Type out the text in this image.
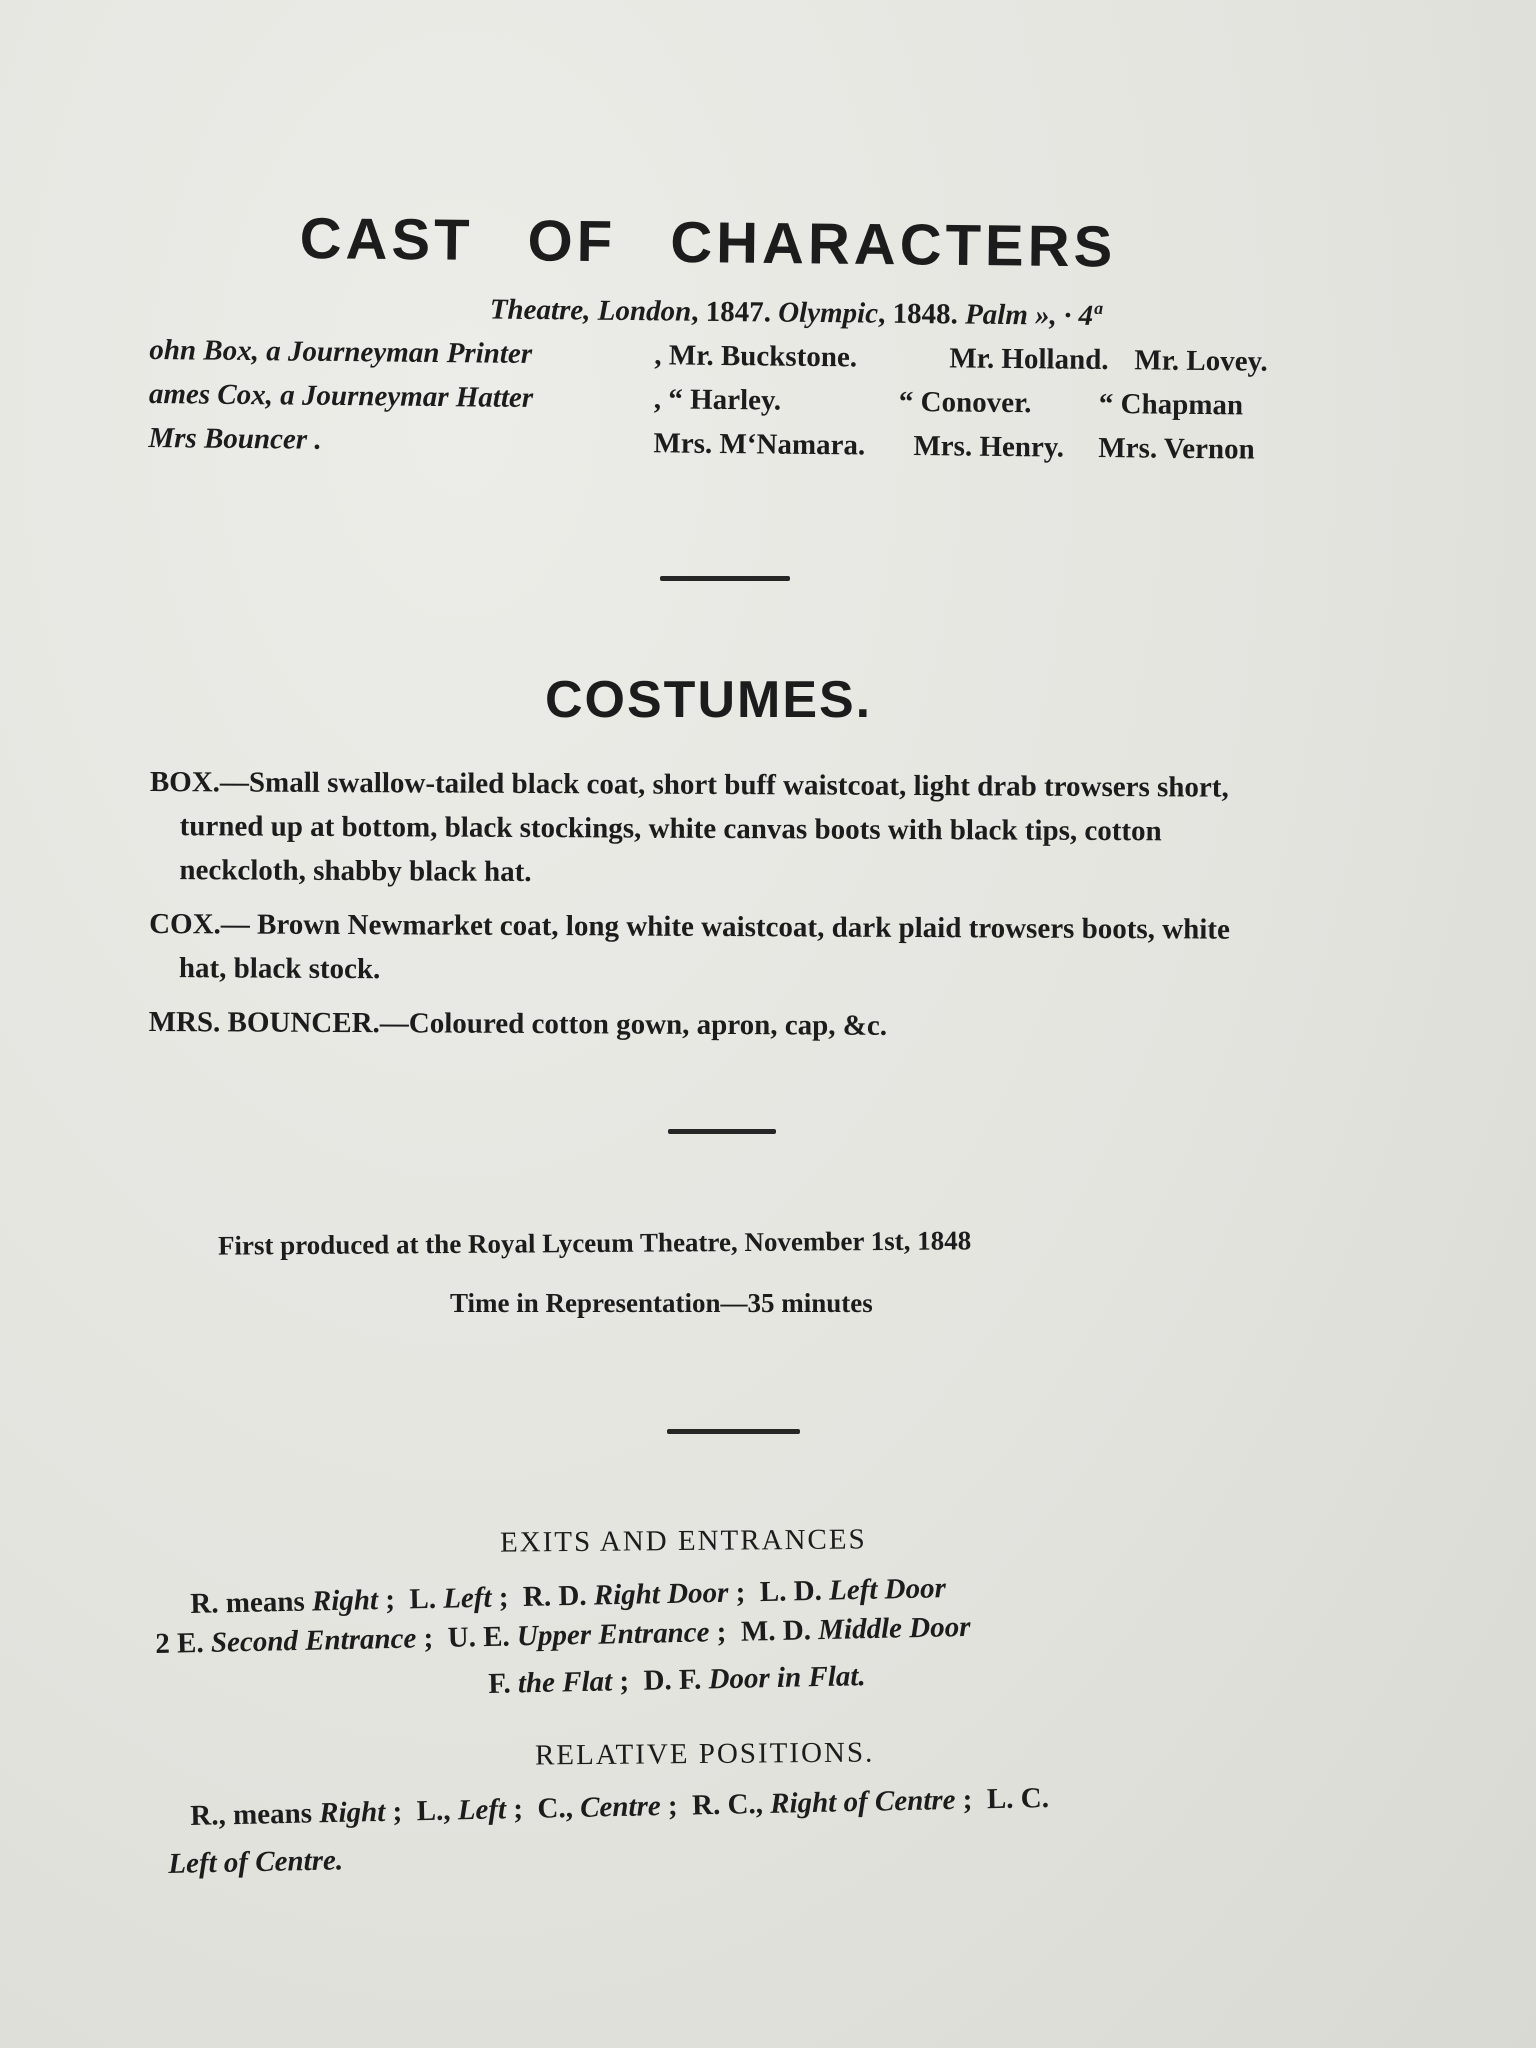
CAST OF CHARACTERS
Theatre, London, 1847. Olympic, 1848. Palm », · 4ª
ohn Box, a Journeyman Printer	, Mr. Buckstone.	Mr. Holland. Mr. Lovey.
ames Cox, a Journeymar Hatter	, “ Harley.	“ Conover. “ Chapman
Mrs Bouncer .	Mrs. M‘Namara. Mrs. Henry. Mrs. Vernon
COSTUMES.
BOX.—Small swallow-tailed black coat, short buff waistcoat, light drab trowsers short, turned up at bottom, black stockings, white canvas boots with black tips, cotton neckcloth, shabby black hat.
COX.— Brown Newmarket coat, long white waistcoat, dark plaid trowsers boots, white hat, black stock.
MRS. BOUNCER.—Coloured cotton gown, apron, cap, &c.
First produced at the Royal Lyceum Theatre, November 1st, 1848
Time in Representation—35 minutes
EXITS AND ENTRANCES
R. means Right ;  L. Left ;  R. D. Right Door ;  L. D. Left Door
2 E. Second Entrance ;  U. E. Upper Entrance ;  M. D. Middle Door
F. the Flat ;  D. F. Door in Flat.
RELATIVE POSITIONS.
R., means Right ;  L., Left ;  C., Centre ;  R. C., Right of Centre ;  L. C.
Left of Centre.
